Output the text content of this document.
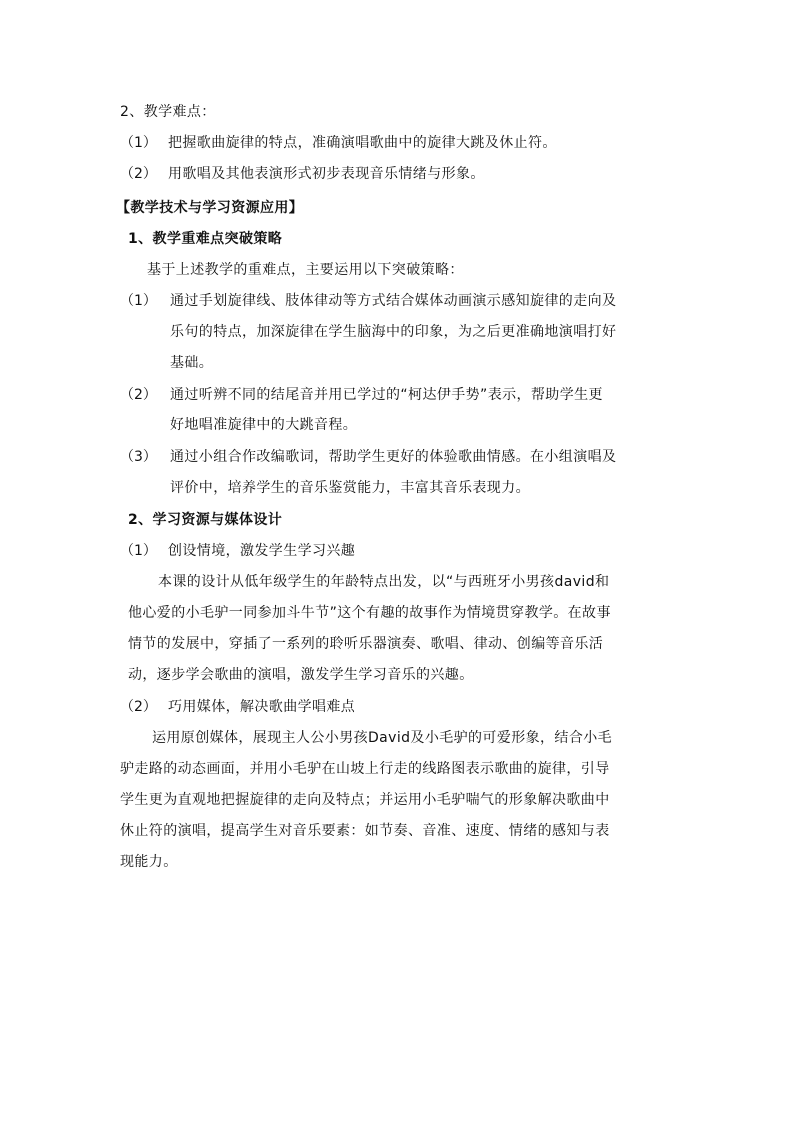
2、教学难点：
（1） 把握歌曲旋律的特点，准确演唱歌曲中的旋律大跳及休止符。
（2） 用歌唱及其他表演形式初步表现音乐情绪与形象。
【教学技术与学习资源应用】
1、教学重难点突破策略
基于上述教学的重难点，主要运用以下突破策略：
（1） 通过手划旋律线、肢体律动等方式结合媒体动画演示感知旋律的走向及
乐句的特点，加深旋律在学生脑海中的印象，为之后更准确地演唱打好
基础。
（2） 通过听辨不同的结尾音并用已学过的“柯达伊手势”表示，帮助学生更
好地唱准旋律中的大跳音程。
（3） 通过小组合作改编歌词，帮助学生更好的体验歌曲情感。在小组演唱及
评价中，培养学生的音乐鉴赏能力，丰富其音乐表现力。
2、学习资源与媒体设计
（1） 创设情境，激发学生学习兴趣
本课的设计从低年级学生的年龄特点出发，以“与西班牙小男孩david和
他心爱的小毛驴一同参加斗牛节”这个有趣的故事作为情境贯穿教学。在故事
情节的发展中，穿插了一系列的聆听乐器演奏、歌唱、律动、创编等音乐活
动，逐步学会歌曲的演唱，激发学生学习音乐的兴趣。
（2） 巧用媒体，解决歌曲学唱难点
运用原创媒体，展现主人公小男孩David及小毛驴的可爱形象，结合小毛
驴走路的动态画面，并用小毛驴在山坡上行走的线路图表示歌曲的旋律，引导
学生更为直观地把握旋律的走向及特点；并运用小毛驴喘气的形象解决歌曲中
休止符的演唱，提高学生对音乐要素：如节奏、音准、速度、情绪的感知与表
现能力。
